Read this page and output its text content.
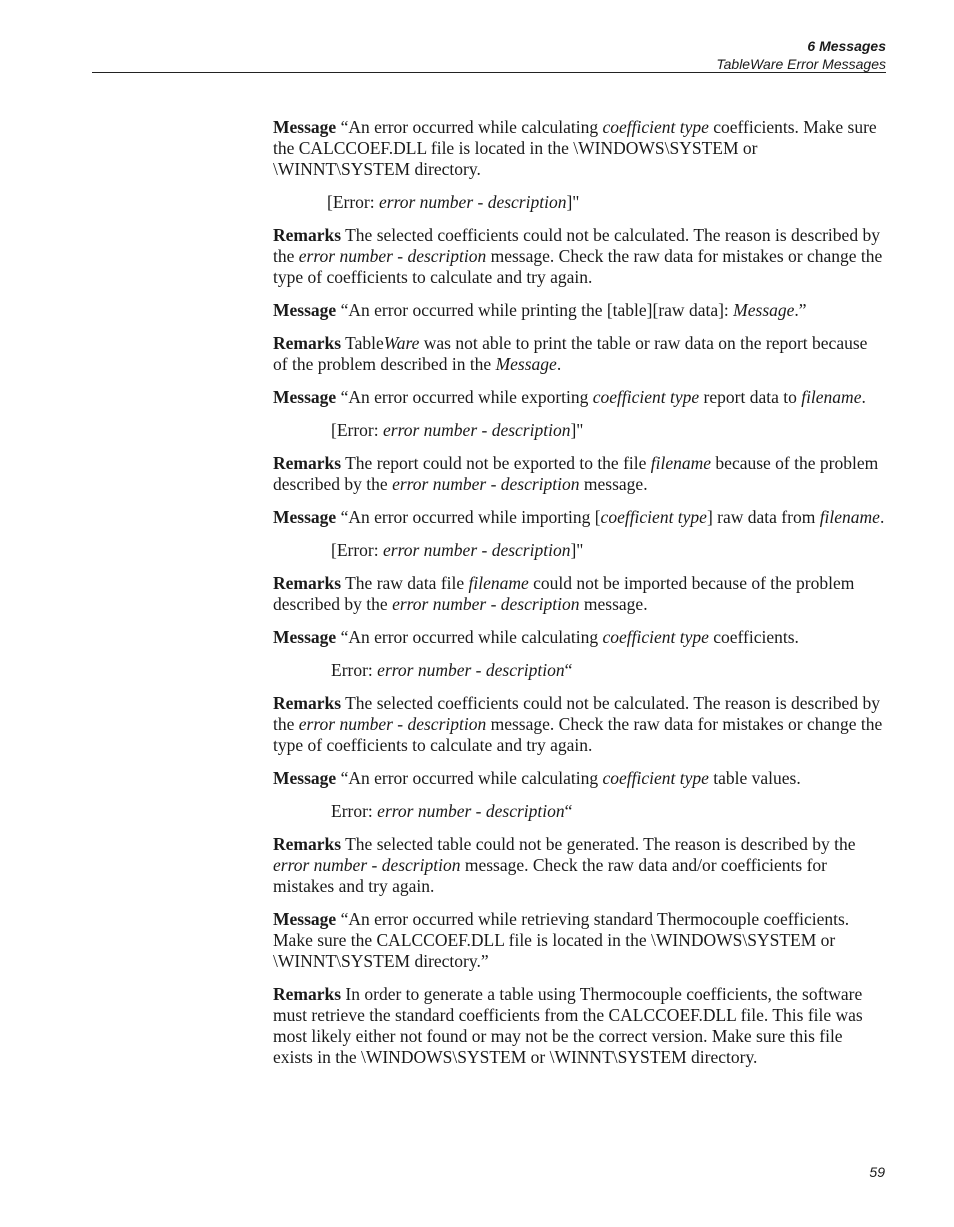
6 Messages
TableWare Error Messages

Message “An error occurred while calculating coefficient type coefficients. Make sure the CALCCOEF.DLL file is located in the \WINDOWS\SYSTEM or \WINNT\SYSTEM directory.

[Error: error number - description]"

Remarks The selected coefficients could not be calculated. The reason is described by the error number - description message. Check the raw data for mistakes or change the type of coefficients to calculate and try again.

Message “An error occurred while printing the [table][raw data]: Message.”

Remarks TableWare was not able to print the table or raw data on the report because of the problem described in the Message.

Message “An error occurred while exporting coefficient type report data to filename.

[Error: error number - description]"

Remarks The report could not be exported to the file filename because of the problem described by the error number - description message.

Message “An error occurred while importing [coefficient type] raw data from filename.

[Error: error number - description]"

Remarks The raw data file filename could not be imported because of the problem described by the error number - description message.

Message “An error occurred while calculating coefficient type coefficients.

Error: error number - description“

Remarks The selected coefficients could not be calculated. The reason is described by the error number - description message. Check the raw data for mistakes or change the type of coefficients to calculate and try again.

Message “An error occurred while calculating coefficient type table values.

Error: error number - description“

Remarks The selected table could not be generated. The reason is described by the error number - description message. Check the raw data and/or coefficients for mistakes and try again.

Message “An error occurred while retrieving standard Thermocouple coefficients. Make sure the CALCCOEF.DLL file is located in the \WINDOWS\SYSTEM or \WINNT\SYSTEM directory.”

Remarks In order to generate a table using Thermocouple coefficients, the software must retrieve the standard coefficients from the CALCCOEF.DLL file. This file was most likely either not found or may not be the correct version. Make sure this file exists in the \WINDOWS\SYSTEM or \WINNT\SYSTEM directory.

59
